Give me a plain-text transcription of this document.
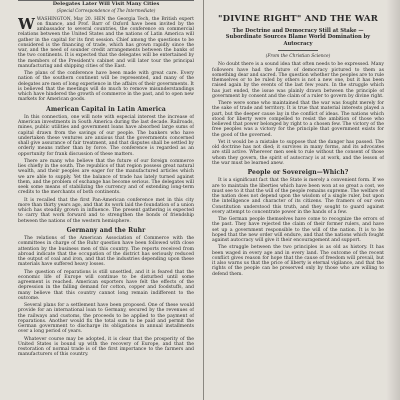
Delegates Later Will Visit Many Cities
(Special Correspondence of The Intermediate)
W WASHINGTON, May 20. HEN the Georgia Tech, the British expert on finance, and Prof. Barr of Oxford have been invited by the ambassador to several countries, the conference on commercial relations between the United States and the nations of Latin America will gather in the capital for its first session. Chief among the questions to be considered is the financing of trade, which has grown rapidly since the war, and the need of sounder credit arrangements between the banks of the two continents. It is expected that the delegates will be entertained by the members of the President's cabinet and will later tour the principal manufacturing and shipping cities of the East.

The plans of the conference have been made with great care. Every nation of the southern continent will be represented, and many of the delegates are men of long experience in the affairs of their governments. It is believed that the meetings will do much to remove misunderstandings which have hindered the growth of commerce in the past, and to open new markets for American goods.

American Capital in Latin America

In this connection, one will note with especial interest the increase of American investments in South America during the last decade. Railroads, mines, public utilities and government loans have absorbed large sums of capital drawn from the savings of our people. The bankers who have undertaken these ventures are anxious that the governments concerned shall give assurance of fair treatment, and that disputes shall be settled by orderly means rather than by force. The conference is regarded as an opportunity for frank discussion of these matters.

There are many who believe that the future of our foreign commerce lies chiefly in the south. The republics of that region possess great natural wealth, and their peoples are eager for the manufactured articles which we are able to supply. Yet the balance of trade has lately turned against them, and the problem of exchange has become serious. The delegates will seek some means of stabilizing the currency and of extending long-term credits to the merchants of both continents.

It is recalled that the first Pan-American conference met in this city more than thirty years ago, and that its work laid the foundation of a union which has steadily grown in influence. The present gathering is expected to carry that work forward and to strengthen the bonds of friendship between the nations of the western hemisphere.

Germany and the Ruhr

The relations of the American Association of Commerce with the committees in charge of the Ruhr question have been followed with close attention by the business men of this country. The reports received from abroad indicate that the occupation of the district has seriously reduced the output of coal and iron, and that the industries depending upon these materials have suffered heavy losses.

The question of reparations is still unsettled, and it is feared that the economic life of Europe will continue to be disturbed until some agreement is reached. American exporters have felt the effects of the depression in the falling demand for cotton, copper and foodstuffs, and many believe that this country cannot long remain indifferent to the outcome.

Several plans for a settlement have been proposed. One of these would provide for an international loan to Germany, secured by the revenues of the railways and customs, the proceeds to be applied to the payment of reparations. Another would fix the total sum to be paid and permit the German government to discharge its obligations in annual installments over a long period of years.

Whatever course may be adopted, it is clear that the prosperity of the United States is bound up with the recovery of Europe, and that the restoration of normal trade is of the first importance to the farmers and manufacturers of this country.

"DIVINE RIGHT" AND THE WAR
The Doctrine and Democracy Still at Stake — Subordinate Sources Blame World Domination by Autocracy
(From the Christian Science)

No doubt there is a sound idea that often needs to be expressed. Many followers have had the future of democracy pictured to them as something dear and sacred. The question whether the peoples are to rule themselves or to be ruled by others is not a new one, but it has been raised again by the events of the last few years. In the struggle which has just ended, the issue was plainly drawn between the principle of government by consent and the claim of a ruler to govern by divine right.

There were some who maintained that the war was fought merely for the sake of trade and territory. It is true that material interests played a part, but the deeper cause lay in the conflict of ideas. The nations which stood for liberty were compelled to resist the ambition of those who believed that power belonged by right to a chosen few. The victory of the free peoples was a victory for the principle that government exists for the good of the governed.

Yet it would be a mistake to suppose that the danger has passed. The old doctrine has not died; it survives in many forms, and its advocates are still active. Wherever men seek to rule without the consent of those whom they govern, the spirit of autocracy is at work, and the lesson of the war must be learned anew.

People or Sovereign—Which?

It is a significant fact that the State is merely a convenient form. If we are to maintain the liberties which have been won at so great a cost, we must see to it that the will of the people remains supreme. The welfare of the nation does not depend upon the wisdom of a single ruler, but upon the intelligence and character of its citizens. The framers of our own Constitution understood this truth, and they sought to guard against every attempt to concentrate power in the hands of a few.

The German people themselves have come to recognize the errors of the past. They have rejected the claim of their former rulers, and have set up a government responsible to the will of the nation. It is to be hoped that the new order will endure, and that the nations which fought against autocracy will give it their encouragement and support.

The struggle between the two principles is as old as history. It has been waged in every age and in every land. The outcome of the recent conflict gives reason for hope that the cause of freedom will prevail, but it also warns us that the price of liberty is eternal vigilance, and that the rights of the people can be preserved only by those who are willing to defend them.
